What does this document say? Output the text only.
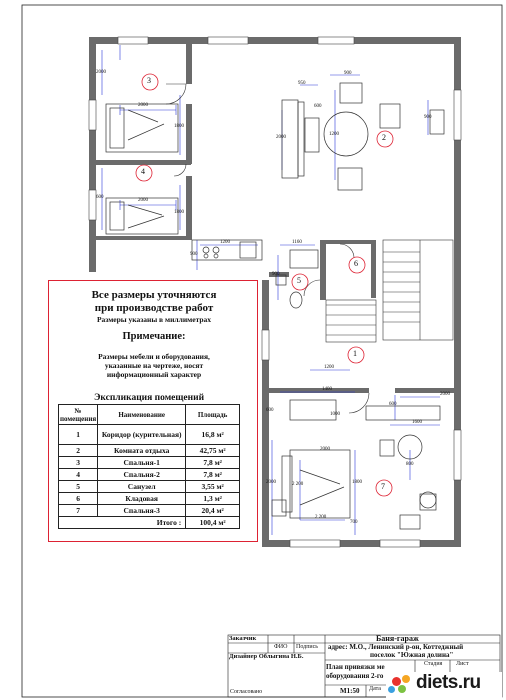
3
4
2
6
5
1
7
900
950
2000
600
2000
1800
2000
1800
2000
600
900
1200
1200
900
1160
900
2000
2 200
700
800
1800
2000
600
1600
1400
1200
2 200
600
2000
1000
Все размеры уточняются
при производстве работ
Размеры указаны в миллиметрах
Примечание:
Размеры мебели и оборудования,
указанные на чертеже, носят
информационный характер
Экспликация помещений
№ помещения	Наименование	Площадь
1	Коридор (курительная)	16,8 м²
2	Комната отдыха	42,75 м²
3	Спальня-1	7,8 м²
4	Спальня-2	7,8 м²
5	Санузел	3,55 м²
6	Кладовая	1,3 м²
7	Спальня-3	20,4 м²
Итого :		100,4 м²
Заказчик
ФИО Подпись
Дизайнер Облыгина Н.Б.
Баня-гараж
адрес: М.О., Ленинский р-он, Коттеджный
поселок "Южная долина"
План привязки ме
оборудования 2-го
Стадия Лист
М1:50 Дата
Согласовано	diets.ru
